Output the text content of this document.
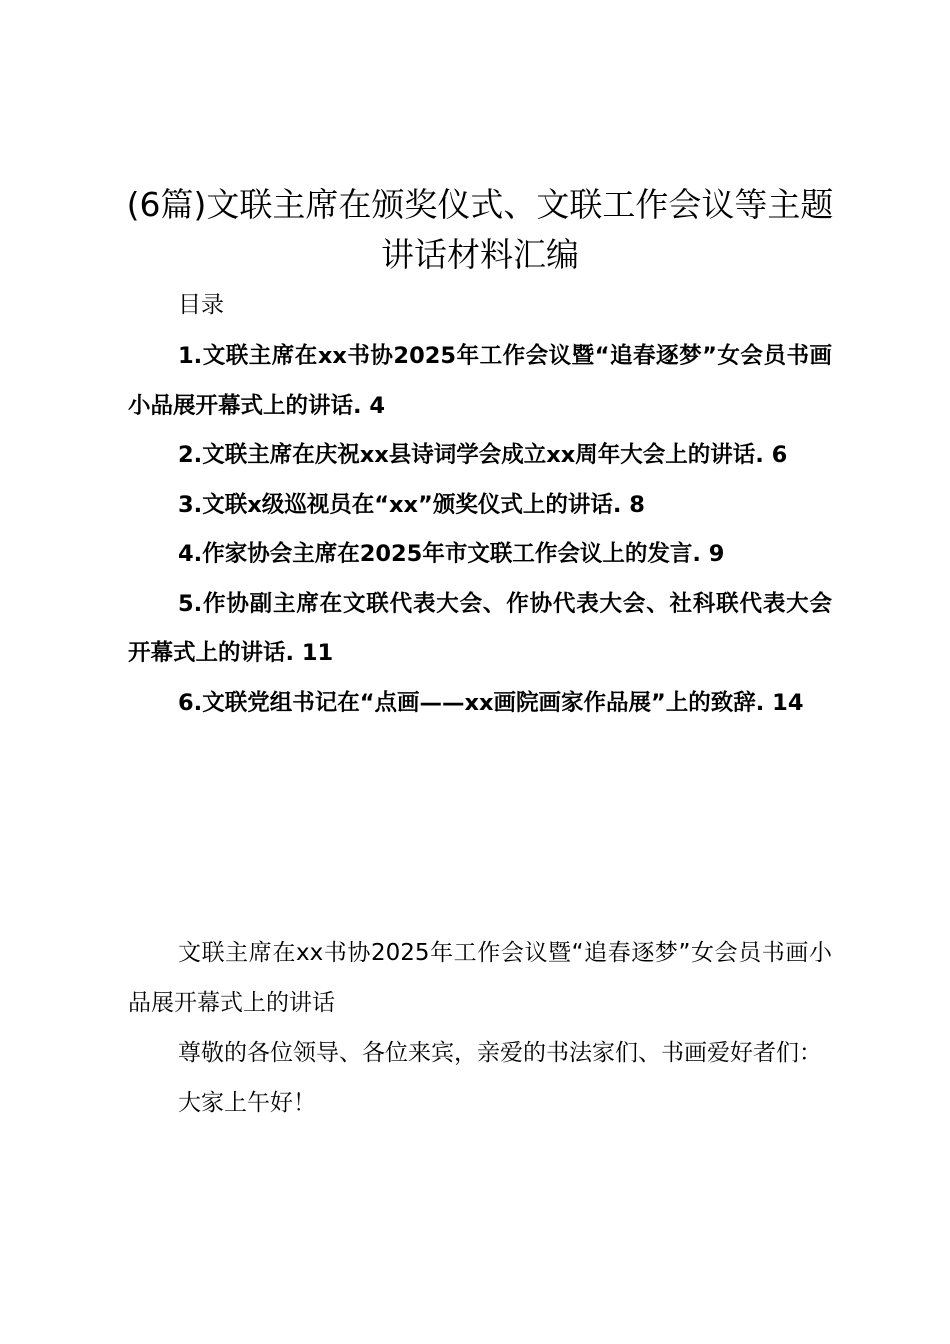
(6篇)文联主席在颁奖仪式、文联工作会议等主题讲话材料汇编

目录

1.文联主席在xx书协2025年工作会议暨“追春逐梦”女会员书画小品展开幕式上的讲话. 4
2.文联主席在庆祝xx县诗词学会成立xx周年大会上的讲话. 6
3.文联x级巡视员在“xx”颁奖仪式上的讲话. 8
4.作家协会主席在2025年市文联工作会议上的发言. 9
5.作协副主席在文联代表大会、作协代表大会、社科联代表大会开幕式上的讲话. 11
6.文联党组书记在“点画——xx画院画家作品展”上的致辞. 14

文联主席在xx书协2025年工作会议暨“追春逐梦”女会员书画小品展开幕式上的讲话

尊敬的各位领导、各位来宾，亲爱的书法家们、书画爱好者们：

大家上午好！
